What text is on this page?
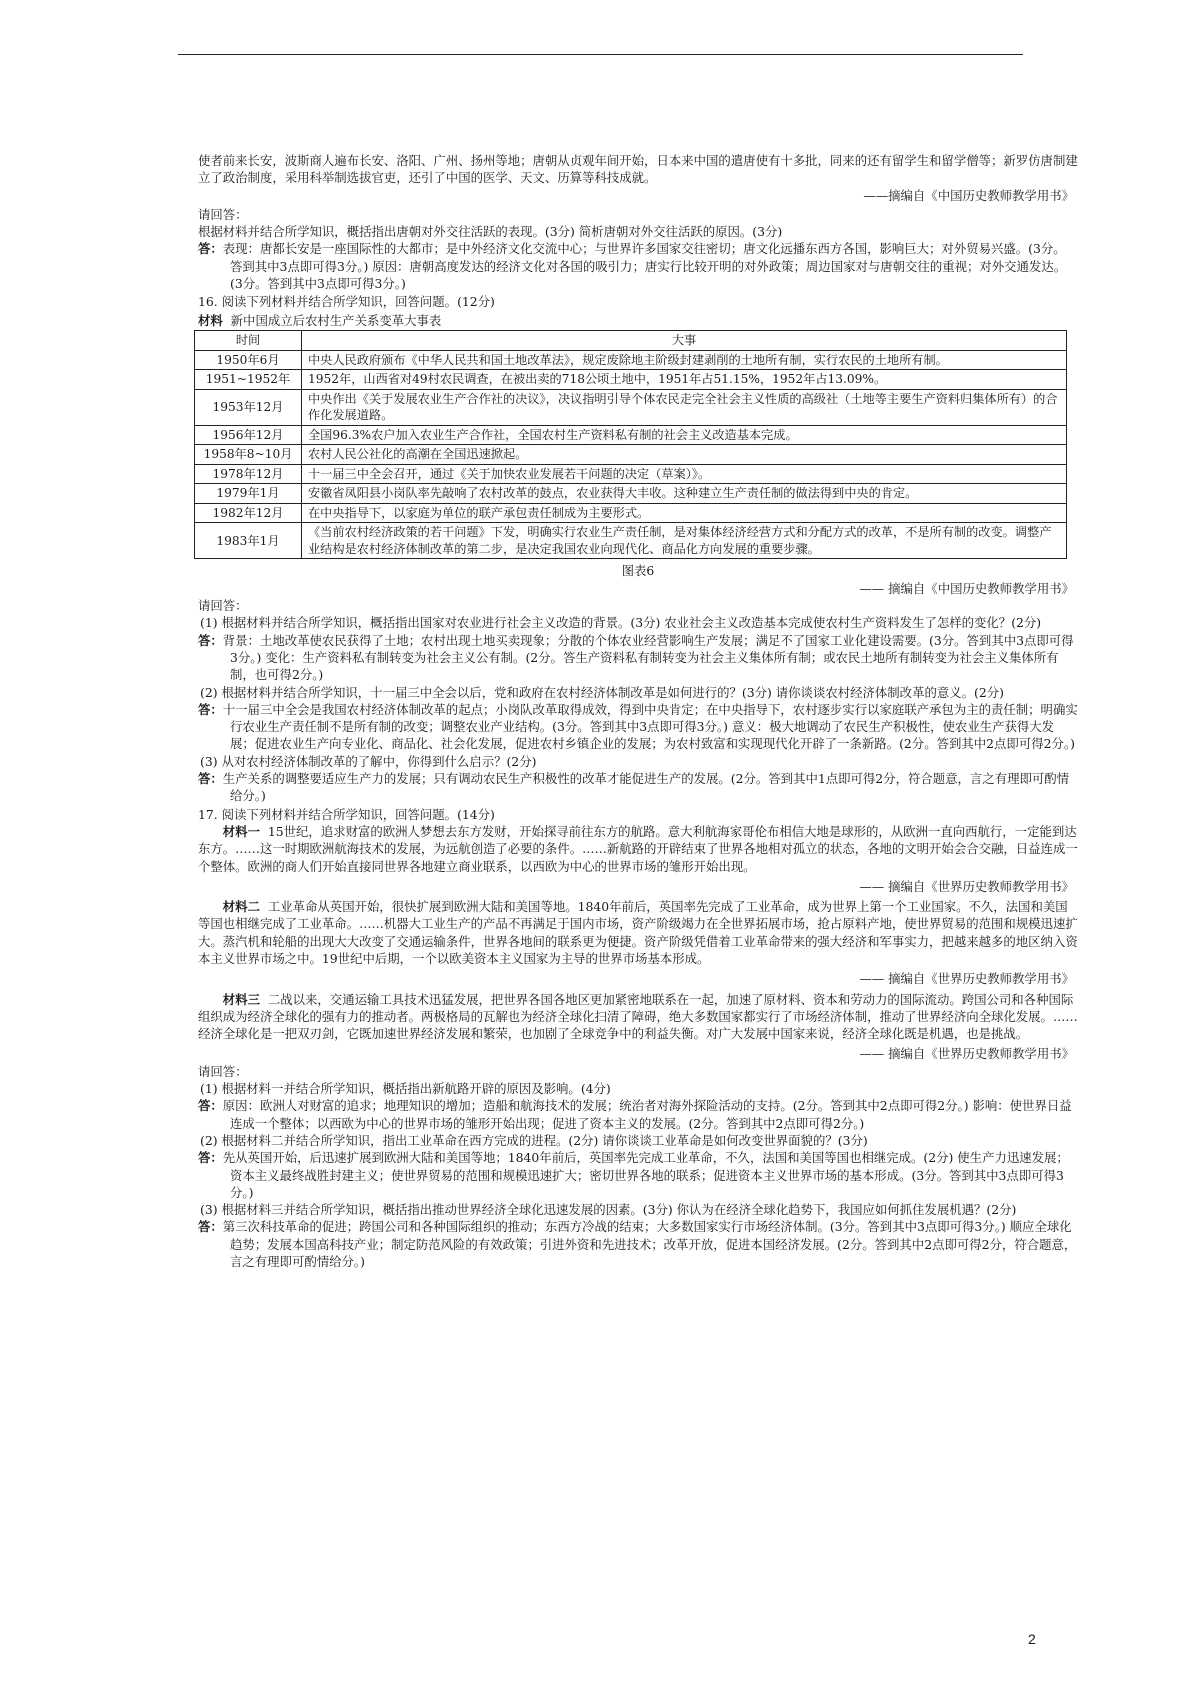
使者前来长安，波斯商人遍布长安、洛阳、广州、扬州等地；唐朝从贞观年间开始，日本来中国的遣唐使有十多批，同来的还有留学生和留学僧等；新罗仿唐制建立了政治制度，采用科举制选拔官吏，还引了中国的医学、天文、历算等科技成就。

——摘编自《中国历史教师教学用书》

请回答：

根据材料并结合所学知识，概括指出唐朝对外交往活跃的表现。(3分) 简析唐朝对外交往活跃的原因。(3分)

答：表现：唐都长安是一座国际性的大都市；是中外经济文化交流中心；与世界许多国家交往密切；唐文化远播东西方各国，影响巨大；对外贸易兴盛。(3分。答到其中3点即可得3分。) 原因：唐朝高度发达的经济文化对各国的吸引力；唐实行比较开明的对外政策；周边国家对与唐朝交往的重视；对外交通发达。(3分。答到其中3点即可得3分。)

16. 阅读下列材料并结合所学知识，回答问题。(12分)

材料 新中国成立后农村生产关系变革大事表

时间	大事
1950年6月	中央人民政府颁布《中华人民共和国土地改革法》，规定废除地主阶级封建剥削的土地所有制，实行农民的土地所有制。
1951~1952年	1952年，山西省对49村农民调查，在被出卖的718公顷土地中，1951年占51.15%，1952年占13.09%。
1953年12月	中央作出《关于发展农业生产合作社的决议》，决议指明引导个体农民走完全社会主义性质的高级社（土地等主要生产资料归集体所有）的合作化发展道路。
1956年12月	全国96.3%农户加入农业生产合作社，全国农村生产资料私有制的社会主义改造基本完成。
1958年8~10月	农村人民公社化的高潮在全国迅速掀起。
1978年12月	十一届三中全会召开，通过《关于加快农业发展若干问题的决定（草案）》。
1979年1月	安徽省凤阳县小岗队率先敲响了农村改革的鼓点，农业获得大丰收。这种建立生产责任制的做法得到中央的肯定。
1982年12月	在中央指导下，以家庭为单位的联产承包责任制成为主要形式。
1983年1月	《当前农村经济政策的若干问题》下发，明确实行农业生产责任制，是对集体经济经营方式和分配方式的改革，不是所有制的改变。调整产业结构是农村经济体制改革的第二步，是决定我国农业向现代化、商品化方向发展的重要步骤。

图表6

—— 摘编自《中国历史教师教学用书》

请回答：

(1) 根据材料并结合所学知识，概括指出国家对农业进行社会主义改造的背景。(3分) 农业社会主义改造基本完成使农村生产资料发生了怎样的变化？(2分)

答：背景：土地改革使农民获得了土地；农村出现土地买卖现象；分散的个体农业经营影响生产发展；满足不了国家工业化建设需要。(3分。答到其中3点即可得3分。) 变化：生产资料私有制转变为社会主义公有制。(2分。答生产资料私有制转变为社会主义集体所有制；或农民土地所有制转变为社会主义集体所有制，也可得2分。)

(2) 根据材料并结合所学知识，十一届三中全会以后，党和政府在农村经济体制改革是如何进行的？(3分) 请你谈谈农村经济体制改革的意义。(2分)

答：十一届三中全会是我国农村经济体制改革的起点；小岗队改革取得成效，得到中央肯定；在中央指导下，农村逐步实行以家庭联产承包为主的责任制；明确实行农业生产责任制不是所有制的改变；调整农业产业结构。(3分。答到其中3点即可得3分。) 意义：极大地调动了农民生产积极性，使农业生产获得大发展；促进农业生产向专业化、商品化、社会化发展，促进农村乡镇企业的发展；为农村致富和实现现代化开辟了一条新路。(2分。答到其中2点即可得2分。)

(3) 从对农村经济体制改革的了解中，你得到什么启示？(2分)

答：生产关系的调整要适应生产力的发展；只有调动农民生产积极性的改革才能促进生产的发展。(2分。答到其中1点即可得2分，符合题意，言之有理即可酌情给分。)

17. 阅读下列材料并结合所学知识，回答问题。(14分)

材料一 15世纪，追求财富的欧洲人梦想去东方发财，开始探寻前往东方的航路。意大利航海家哥伦布相信大地是球形的，从欧洲一直向西航行，一定能到达东方。……这一时期欧洲航海技术的发展，为远航创造了必要的条件。……新航路的开辟结束了世界各地相对孤立的状态，各地的文明开始会合交融，日益连成一个整体。欧洲的商人们开始直接同世界各地建立商业联系，以西欧为中心的世界市场的雏形开始出现。

—— 摘编自《世界历史教师教学用书》

材料二 工业革命从英国开始，很快扩展到欧洲大陆和美国等地。1840年前后，英国率先完成了工业革命，成为世界上第一个工业国家。不久，法国和美国等国也相继完成了工业革命。……机器大工业生产的产品不再满足于国内市场，资产阶级竭力在全世界拓展市场，抢占原料产地，使世界贸易的范围和规模迅速扩大。蒸汽机和轮船的出现大大改变了交通运输条件，世界各地间的联系更为便捷。资产阶级凭借着工业革命带来的强大经济和军事实力，把越来越多的地区纳入资本主义世界市场之中。19世纪中后期，一个以欧美资本主义国家为主导的世界市场基本形成。

—— 摘编自《世界历史教师教学用书》

材料三 二战以来，交通运输工具技术迅猛发展，把世界各国各地区更加紧密地联系在一起，加速了原材料、资本和劳动力的国际流动。跨国公司和各种国际组织成为经济全球化的强有力的推动者。两极格局的瓦解也为经济全球化扫清了障碍，绝大多数国家都实行了市场经济体制，推动了世界经济向全球化发展。……经济全球化是一把双刃剑，它既加速世界经济发展和繁荣，也加剧了全球竞争中的利益失衡。对广大发展中国家来说，经济全球化既是机遇，也是挑战。

—— 摘编自《世界历史教师教学用书》

请回答：

(1) 根据材料一并结合所学知识，概括指出新航路开辟的原因及影响。(4分)

答：原因：欧洲人对财富的追求；地理知识的增加；造船和航海技术的发展；统治者对海外探险活动的支持。(2分。答到其中2点即可得2分。) 影响：使世界日益连成一个整体；以西欧为中心的世界市场的雏形开始出现；促进了资本主义的发展。(2分。答到其中2点即可得2分。)

(2) 根据材料二并结合所学知识，指出工业革命在西方完成的进程。(2分) 请你谈谈工业革命是如何改变世界面貌的？(3分)

答：先从英国开始，后迅速扩展到欧洲大陆和美国等地；1840年前后，英国率先完成工业革命，不久，法国和美国等国也相继完成。(2分) 使生产力迅速发展；资本主义最终战胜封建主义；使世界贸易的范围和规模迅速扩大；密切世界各地的联系；促进资本主义世界市场的基本形成。(3分。答到其中3点即可得3分。)

(3) 根据材料三并结合所学知识，概括指出推动世界经济全球化迅速发展的因素。(3分) 你认为在经济全球化趋势下，我国应如何抓住发展机遇？(2分)

答：第三次科技革命的促进；跨国公司和各种国际组织的推动；东西方冷战的结束；大多数国家实行市场经济体制。(3分。答到其中3点即可得3分。) 顺应全球化趋势；发展本国高科技产业；制定防范风险的有效政策；引进外资和先进技术；改革开放，促进本国经济发展。(2分。答到其中2点即可得2分，符合题意，言之有理即可酌情给分。)

2
